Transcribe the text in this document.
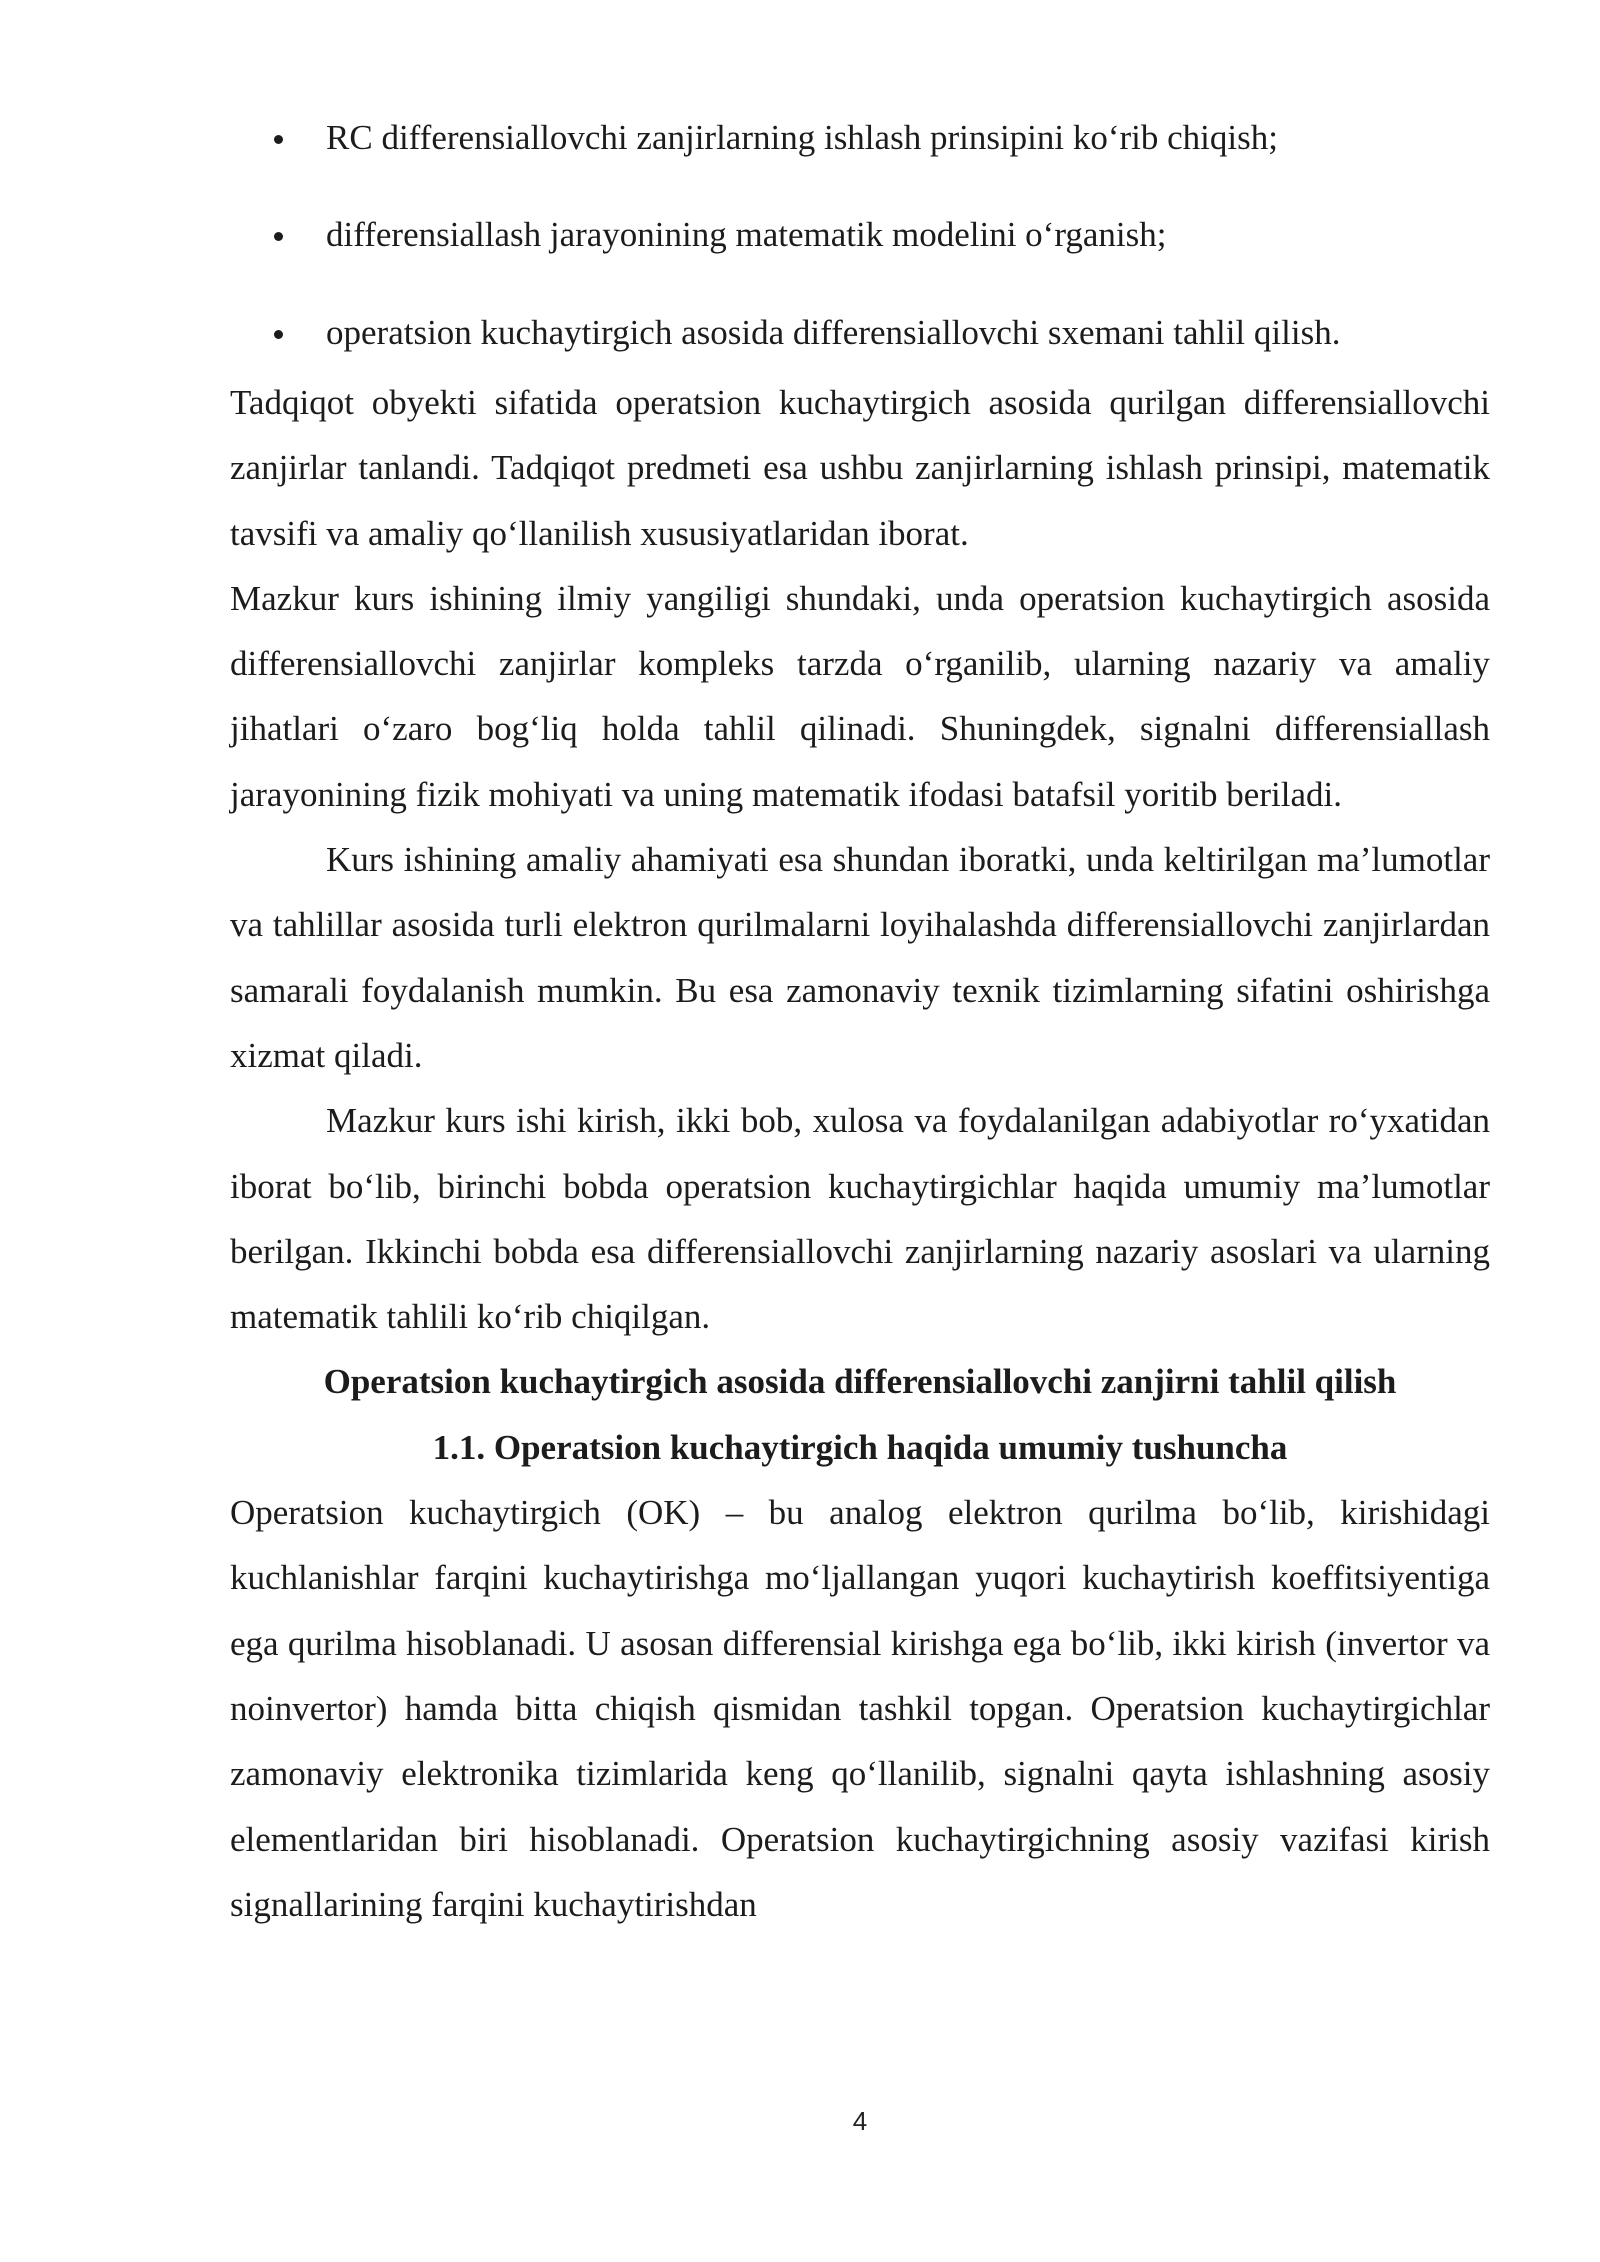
RC differensiallovchi zanjirlarning ishlash prinsipini ko‘rib chiqish;
differensiallash jarayonining matematik modelini o‘rganish;
operatsion kuchaytirgich asosida differensiallovchi sxemani tahlil qilish.

Tadqiqot obyekti sifatida operatsion kuchaytirgich asosida qurilgan differensiallovchi zanjirlar tanlandi. Tadqiqot predmeti esa ushbu zanjirlarning ishlash prinsipi, matematik tavsifi va amaliy qo‘llanilish xususiyatlaridan iborat.

Mazkur kurs ishining ilmiy yangiligi shundaki, unda operatsion kuchaytirgich asosida differensiallovchi zanjirlar kompleks tarzda o‘rganilib, ularning nazariy va amaliy jihatlari o‘zaro bog‘liq holda tahlil qilinadi. Shuningdek, signalni differensiallash jarayonining fizik mohiyati va uning matematik ifodasi batafsil yoritib beriladi.

Kurs ishining amaliy ahamiyati esa shundan iboratki, unda keltirilgan ma’lumotlar va tahlillar asosida turli elektron qurilmalarni loyihalashda differensiallovchi zanjirlardan samarali foydalanish mumkin. Bu esa zamonaviy texnik tizimlarning sifatini oshirishga xizmat qiladi.

Mazkur kurs ishi kirish, ikki bob, xulosa va foydalanilgan adabiyotlar ro‘yxatidan iborat bo‘lib, birinchi bobda operatsion kuchaytirgichlar haqida umumiy ma’lumotlar berilgan. Ikkinchi bobda esa differensiallovchi zanjirlarning nazariy asoslari va ularning matematik tahlili ko‘rib chiqilgan.

Operatsion kuchaytirgich asosida differensiallovchi zanjirni tahlil qilish

1.1. Operatsion kuchaytirgich haqida umumiy tushuncha

Operatsion kuchaytirgich (OK) – bu analog elektron qurilma bo‘lib, kirishidagi kuchlanishlar farqini kuchaytirishga mo‘ljallangan yuqori kuchaytirish koeffitsiyentiga ega qurilma hisoblanadi. U asosan differensial kirishga ega bo‘lib, ikki kirish (invertor va noinvertor) hamda bitta chiqish qismidan tashkil topgan. Operatsion kuchaytirgichlar zamonaviy elektronika tizimlarida keng qo‘llanilib, signalni qayta ishlashning asosiy elementlaridan biri hisoblanadi. Operatsion kuchaytirgichning asosiy vazifasi kirish signallarining farqini kuchaytirishdan

4
